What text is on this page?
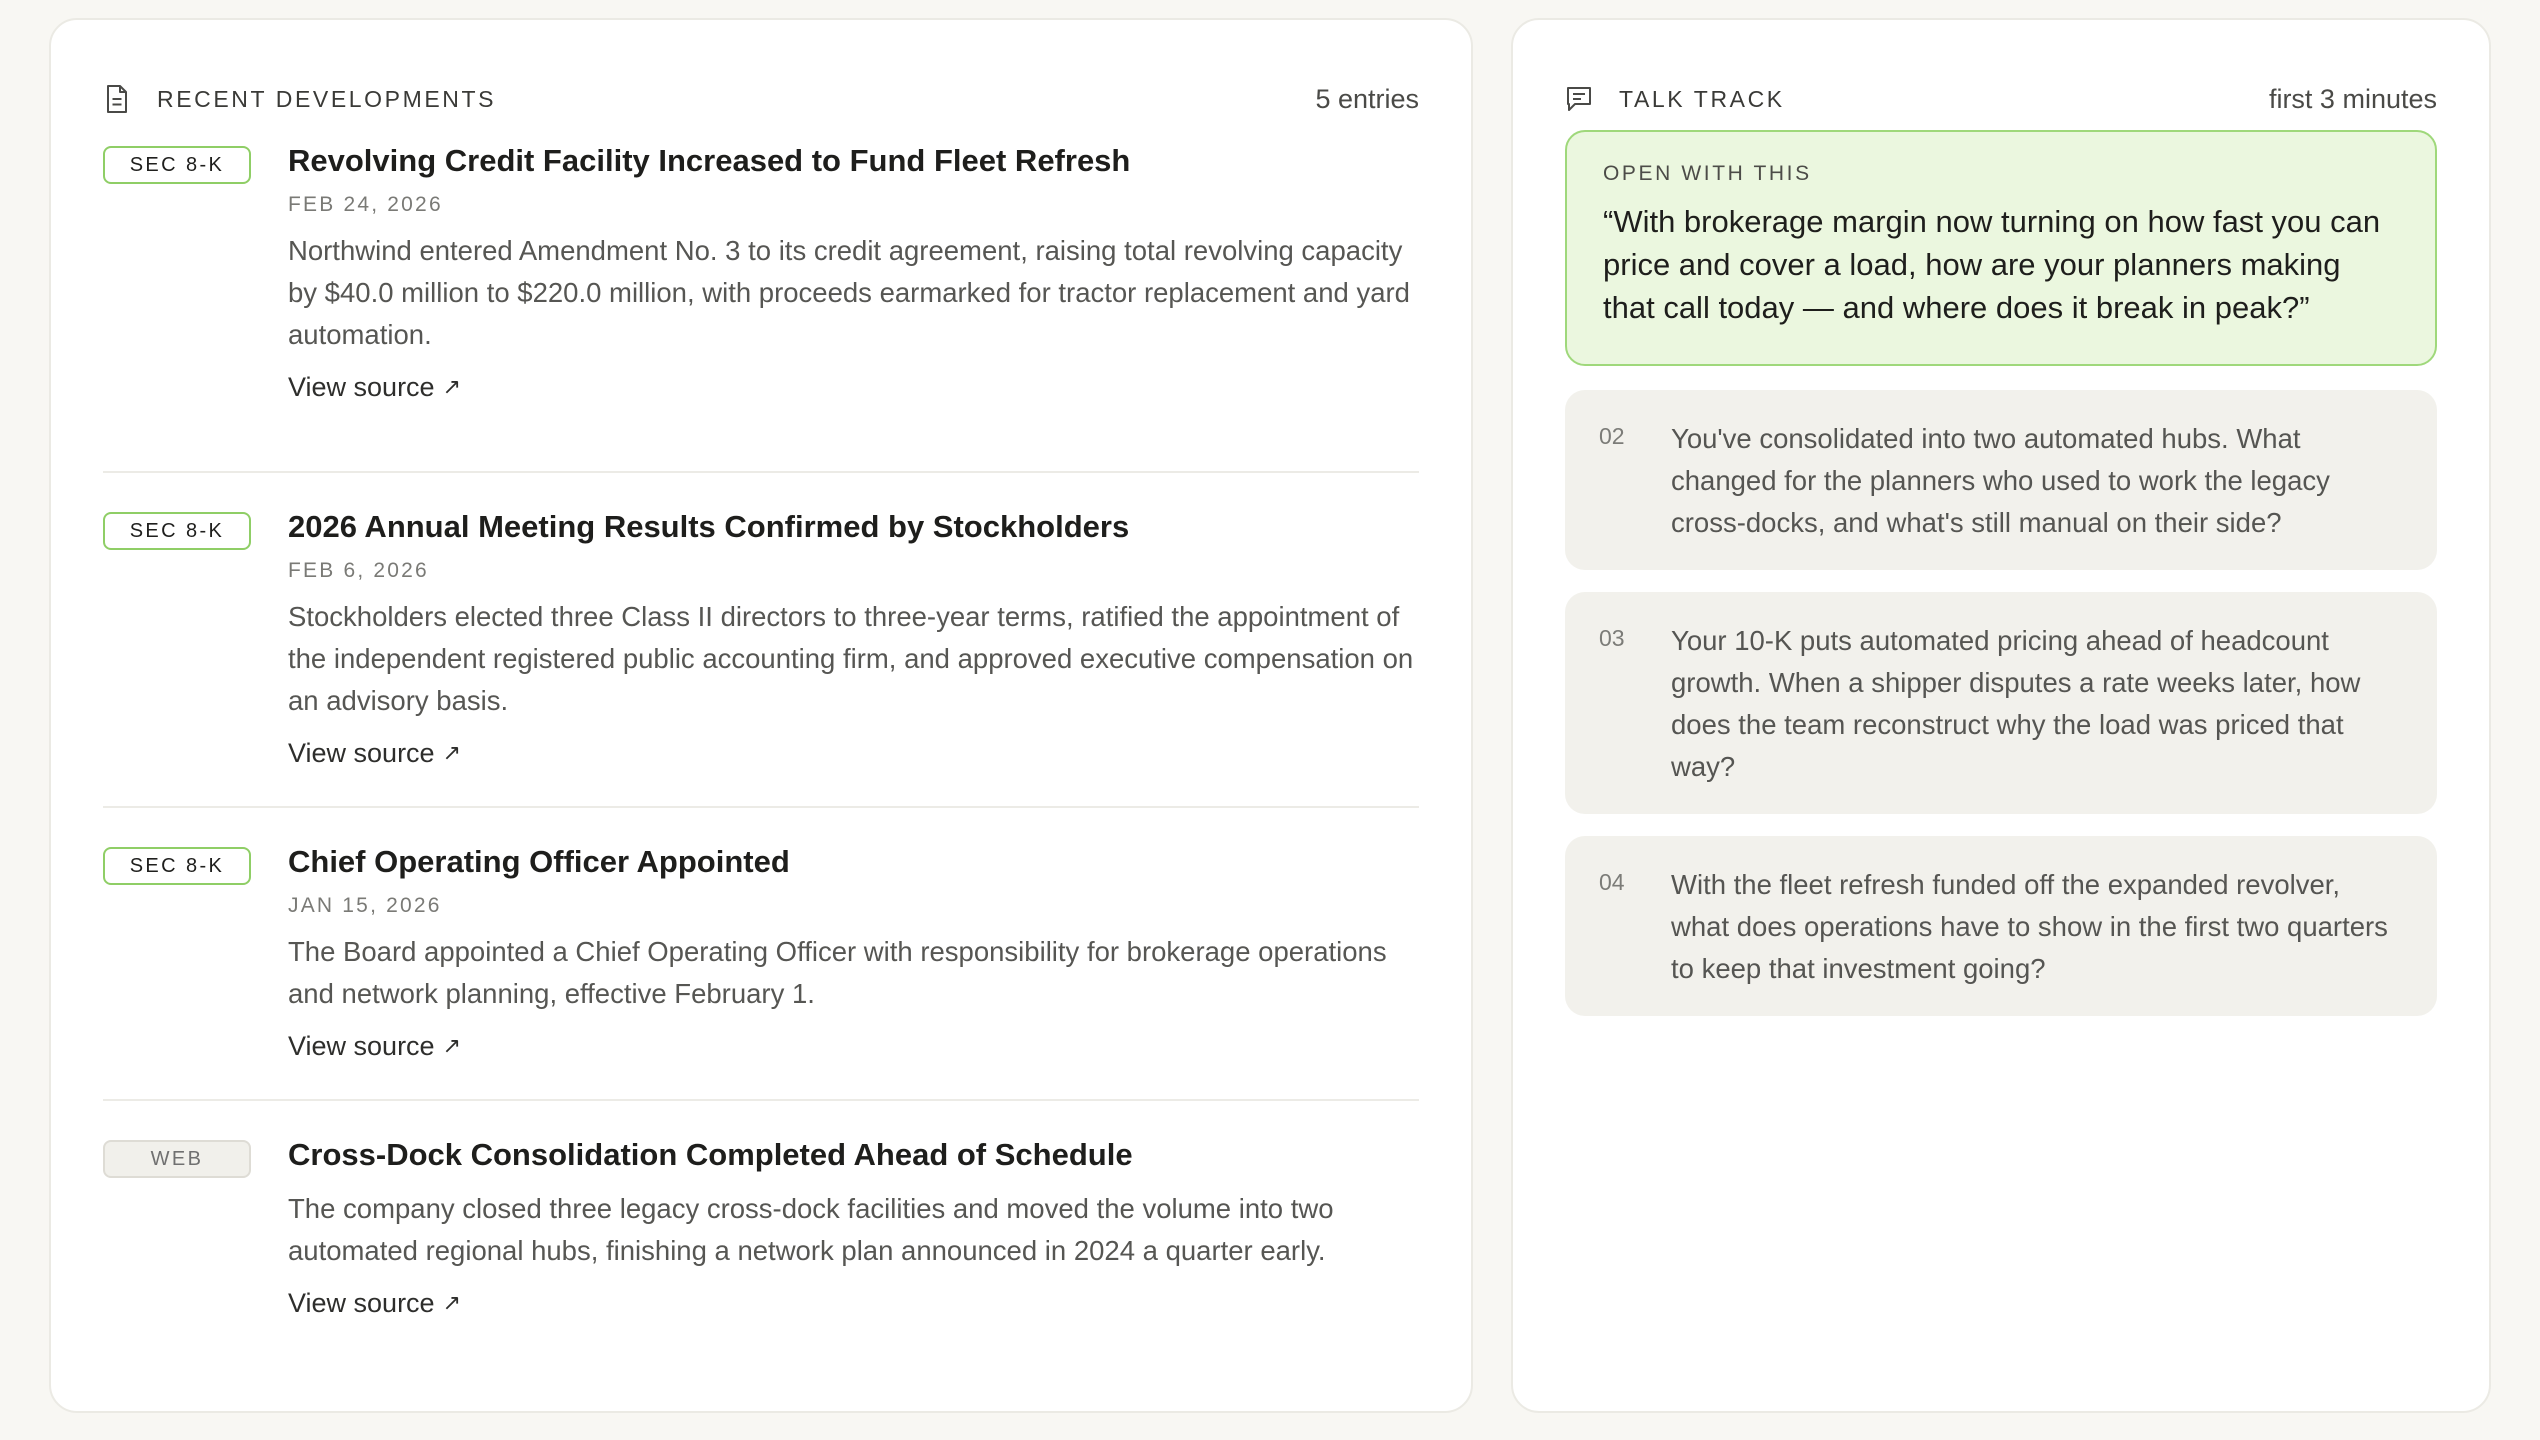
RECENT DEVELOPMENTS	5 entries
SEC 8-K	Revolving Credit Facility Increased to Fund Fleet Refresh
FEB 24, 2026
Northwind entered Amendment No. 3 to its credit agreement, raising total revolving capacity by $40.0 million to $220.0 million, with proceeds earmarked for tractor replacement and yard automation.
View source ↗
SEC 8-K	2026 Annual Meeting Results Confirmed by Stockholders
FEB 6, 2026
Stockholders elected three Class II directors to three-year terms, ratified the appointment of the independent registered public accounting firm, and approved executive compensation on an advisory basis.
View source ↗
SEC 8-K	Chief Operating Officer Appointed
JAN 15, 2026
The Board appointed a Chief Operating Officer with responsibility for brokerage operations and network planning, effective February 1.
View source ↗
WEB	Cross-Dock Consolidation Completed Ahead of Schedule
The company closed three legacy cross-dock facilities and moved the volume into two automated regional hubs, finishing a network plan announced in 2024 a quarter early.
View source ↗
TALK TRACK	first 3 minutes
OPEN WITH THIS
“With brokerage margin now turning on how fast you can price and cover a load, how are your planners making that call today — and where does it break in peak?”
02	You've consolidated into two automated hubs. What changed for the planners who used to work the legacy cross-docks, and what's still manual on their side?
03	Your 10-K puts automated pricing ahead of headcount growth. When a shipper disputes a rate weeks later, how does the team reconstruct why the load was priced that way?
04	With the fleet refresh funded off the expanded revolver, what does operations have to show in the first two quarters to keep that investment going?
